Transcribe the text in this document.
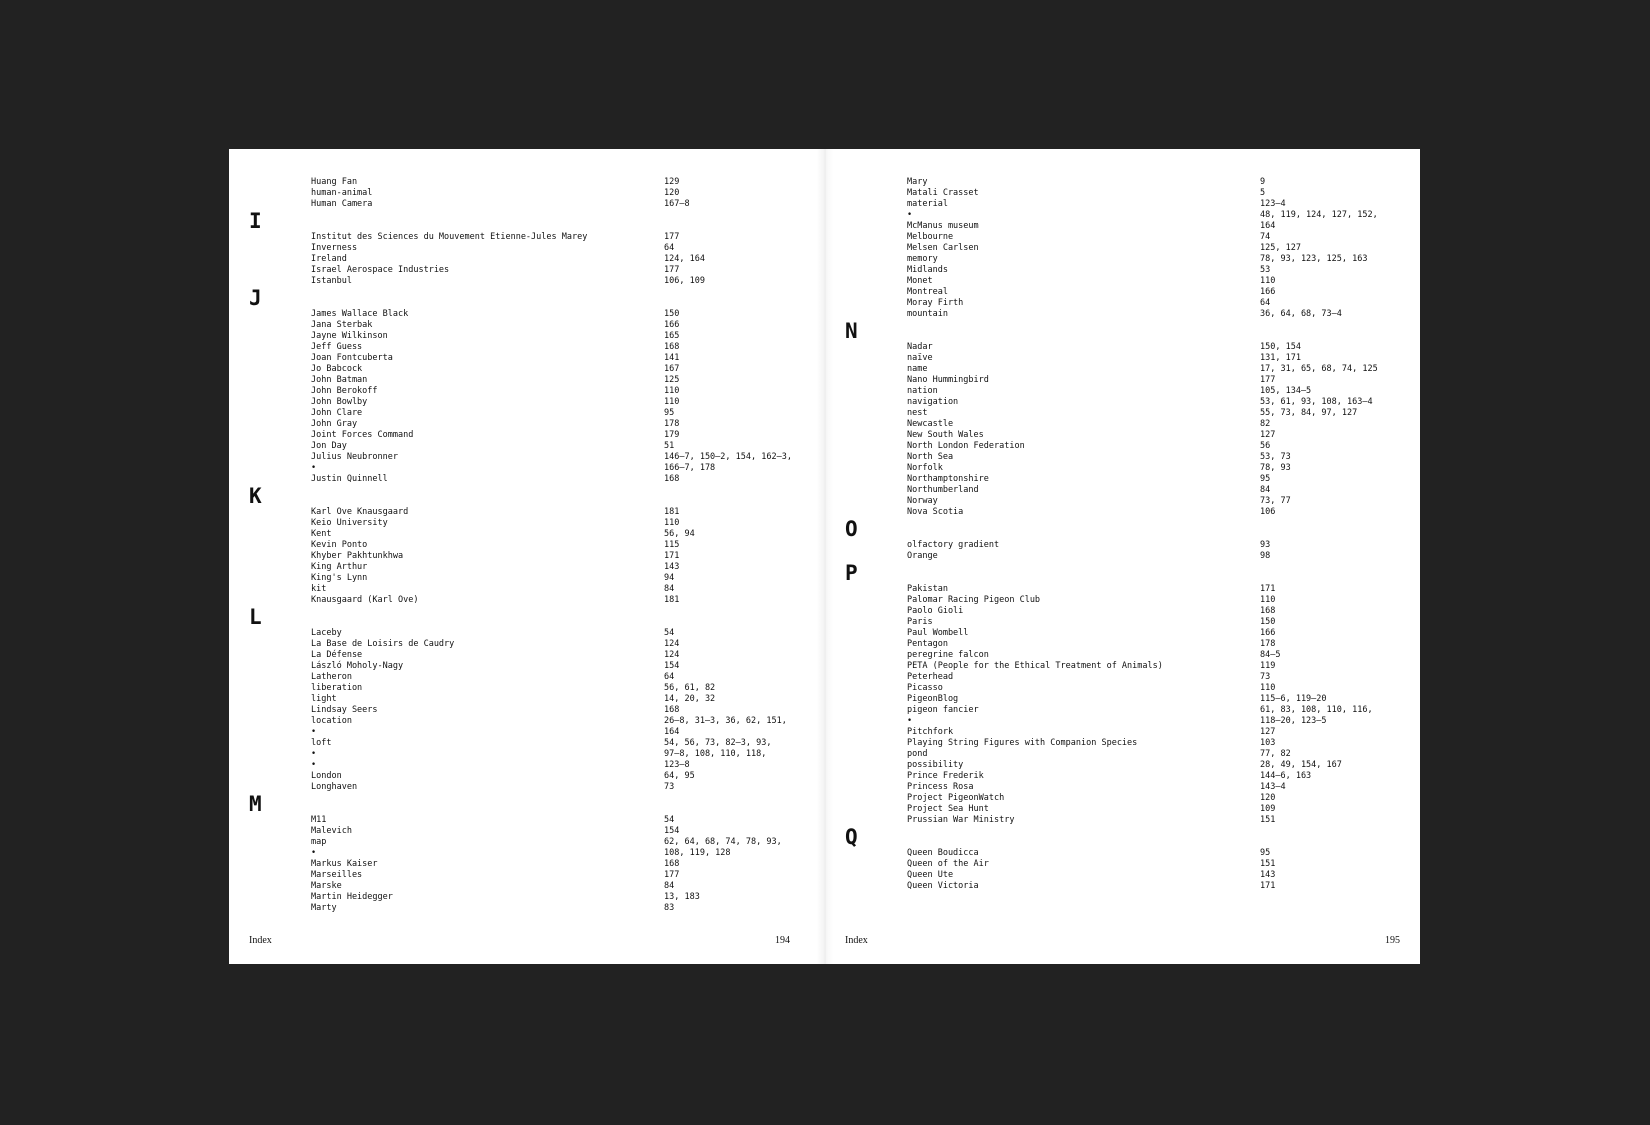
Huang Fan	129
human-animal	120
Human Camera	167–8
I
Institut des Sciences du Mouvement Etienne-Jules Marey	177
Inverness	64
Ireland	124, 164
Israel Aerospace Industries	177
Istanbul	106, 109
J
James Wallace Black	150
Jana Sterbak	166
Jayne Wilkinson	165
Jeff Guess	168
Joan Fontcuberta	141
Jo Babcock	167
John Batman	125
John Berokoff	110
John Bowlby	110
John Clare	95
John Gray	178
Joint Forces Command	179
Jon Day	51
Julius Neubronner	146–7, 150–2, 154, 162–3,
•	166–7, 178
Justin Quinnell	168
K
Karl Ove Knausgaard	181
Keio University	110
Kent	56, 94
Kevin Ponto	115
Khyber Pakhtunkhwa	171
King Arthur	143
King's Lynn	94
kit	84
Knausgaard (Karl Ove)	181
L
Laceby	54
La Base de Loisirs de Caudry	124
La Défense	124
László Moholy-Nagy	154
Latheron	64
liberation	56, 61, 82
light	14, 20, 32
Lindsay Seers	168
location	26–8, 31–3, 36, 62, 151,
•	164
loft	54, 56, 73, 82–3, 93,
•	97–8, 108, 110, 118,
•	123–8
London	64, 95
Longhaven	73
M
M11	54
Malevich	154
map	62, 64, 68, 74, 78, 93,
•	108, 119, 128
Markus Kaiser	168
Marseilles	177
Marske	84
Martin Heidegger	13, 183
Marty	83
Index	194
Mary	9
Matali Crasset	5
material	123–4
•	48, 119, 124, 127, 152,
McManus museum	164
Melbourne	74
Melsen Carlsen	125, 127
memory	78, 93, 123, 125, 163
Midlands	53
Monet	110
Montreal	166
Moray Firth	64
mountain	36, 64, 68, 73–4
N
Nadar	150, 154
naïve	131, 171
name	17, 31, 65, 68, 74, 125
Nano Hummingbird	177
nation	105, 134–5
navigation	53, 61, 93, 108, 163–4
nest	55, 73, 84, 97, 127
Newcastle	82
New South Wales	127
North London Federation	56
North Sea	53, 73
Norfolk	78, 93
Northamptonshire	95
Northumberland	84
Norway	73, 77
Nova Scotia	106
O
olfactory gradient	93
Orange	98
P
Pakistan	171
Palomar Racing Pigeon Club	110
Paolo Gioli	168
Paris	150
Paul Wombell	166
Pentagon	178
peregrine falcon	84–5
PETA (People for the Ethical Treatment of Animals)	119
Peterhead	73
Picasso	110
PigeonBlog	115–6, 119–20
pigeon fancier	61, 83, 108, 110, 116,
•	118–20, 123–5
Pitchfork	127
Playing String Figures with Companion Species	103
pond	77, 82
possibility	28, 49, 154, 167
Prince Frederik	144–6, 163
Princess Rosa	143–4
Project PigeonWatch	120
Project Sea Hunt	109
Prussian War Ministry	151
Q
Queen Boudicca	95
Queen of the Air	151
Queen Ute	143
Queen Victoria	171
Index	195
